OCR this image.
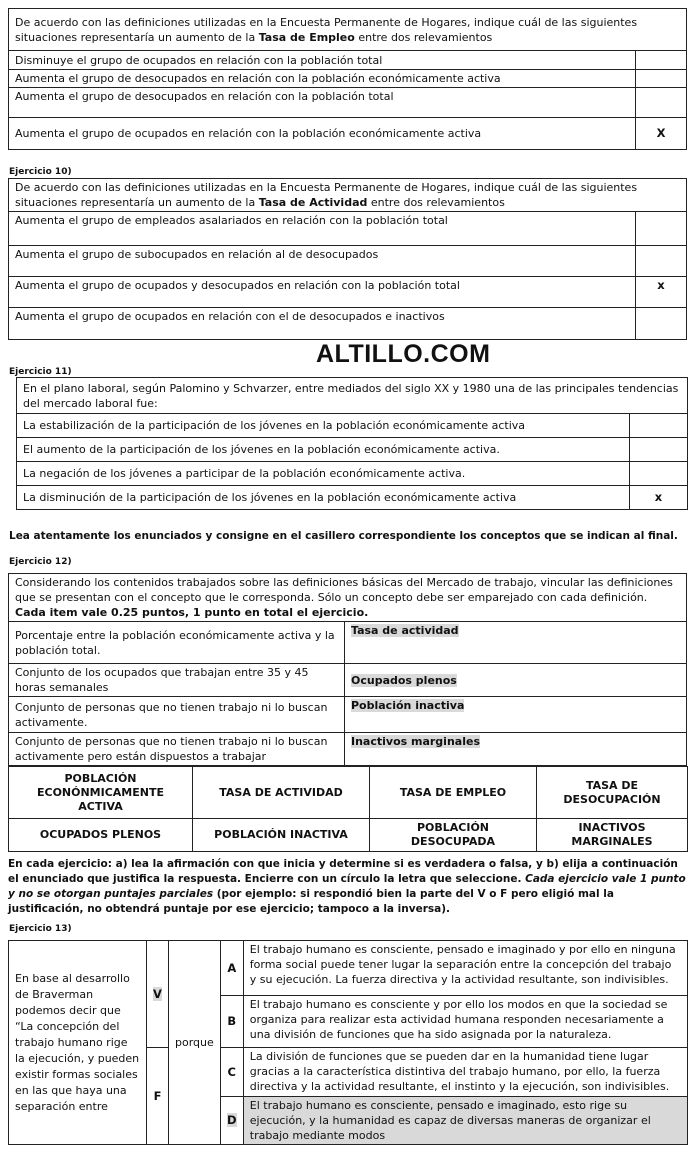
De acuerdo con las definiciones utilizadas en la Encuesta Permanente de Hogares, indique cuál de las siguientes situaciones representaría un aumento de la Tasa de Empleo entre dos relevamientos	
Disminuye el grupo de ocupados en relación con la población total	
Aumenta el grupo de desocupados en relación con la población económicamente activa	
Aumenta el grupo de desocupados en relación con la población total	
Aumenta el grupo de ocupados en relación con la población económicamente activa	X
Ejercicio 10)
De acuerdo con las definiciones utilizadas en la Encuesta Permanente de Hogares, indique cuál de las siguientes situaciones representaría un aumento de la Tasa de Actividad entre dos relevamientos	
Aumenta el grupo de empleados asalariados en relación con la población total	
Aumenta el grupo de subocupados en relación al de desocupados	
Aumenta el grupo de ocupados y desocupados en relación con la población total	x
Aumenta el grupo de ocupados en relación con el de desocupados e inactivos	
ALTILLO.COM
Ejercicio 11)
En el plano laboral, según Palomino y Schvarzer, entre mediados del siglo XX y 1980 una de las principales tendencias del mercado laboral fue:	
La estabilización de la participación de los jóvenes en la población económicamente activa	
El aumento de la participación de los jóvenes en la población económicamente activa.	
La negación de los jóvenes a participar de la población económicamente activa.	
La disminución de la participación de los jóvenes en la población económicamente activa	x
Lea atentamente los enunciados y consigne en el casillero correspondiente los conceptos que se indican al final.
Ejercicio 12)
Considerando los contenidos trabajados sobre las definiciones básicas del Mercado de trabajo, vincular las definiciones que se presentan con el concepto que le corresponda. Sólo un concepto debe ser emparejado con cada definición. Cada item vale 0.25 puntos, 1 punto en total el ejercicio.	
Porcentaje entre la población económicamente activa y la población total.	Tasa de actividad
Conjunto de los ocupados que trabajan entre 35 y 45 horas semanales	Ocupados plenos
Conjunto de personas que no tienen trabajo ni lo buscan activamente.	Población inactiva
Conjunto de personas que no tienen trabajo ni lo buscan activamente pero están dispuestos a trabajar	Inactivos marginales
POBLACIÓN ECONÓNMICAMENTE ACTIVA	TASA DE ACTIVIDAD	TASA DE EMPLEO	TASA DE DESOCUPACIÓN
OCUPADOS PLENOS	POBLACIÓN INACTIVA	POBLACIÓN DESOCUPADA	INACTIVOS MARGINALES
En cada ejercicio: a) lea la afirmación con que inicia y determine si es verdadera o falsa, y b) elija a continuación el enunciado que justifica la respuesta. Encierre con un círculo la letra que seleccione. Cada ejercicio vale 1 punto y no se otorgan puntajes parciales (por ejemplo: si respondió bien la parte del V o F pero eligió mal la justificación, no obtendrá puntaje por ese ejercicio; tampoco a la inversa).
Ejercicio 13)
En base al desarrollo de Braverman podemos decir que “La concepción del trabajo humano rige la ejecución, y pueden existir formas sociales en las que haya una separación entre	V	porque	A	El trabajo humano es consciente, pensado e imaginado y por ello en ninguna forma social puede tener lugar la separación entre la concepción del trabajo y su ejecución. La fuerza directiva y la actividad resultante, son indivisibles.
			B	El trabajo humano es consciente y por ello los modos en que la sociedad se organiza para realizar esta actividad humana responden necesariamente a una división de funciones que ha sido asignada por la naturaleza.
	F		C	La división de funciones que se pueden dar en la humanidad tiene lugar gracias a la característica distintiva del trabajo humano, por ello, la fuerza directiva y la actividad resultante, el instinto y la ejecución, son indivisibles.
			D	El trabajo humano es consciente, pensado e imaginado, esto rige su ejecución, y la humanidad es capaz de diversas maneras de organizar el trabajo mediante modos
